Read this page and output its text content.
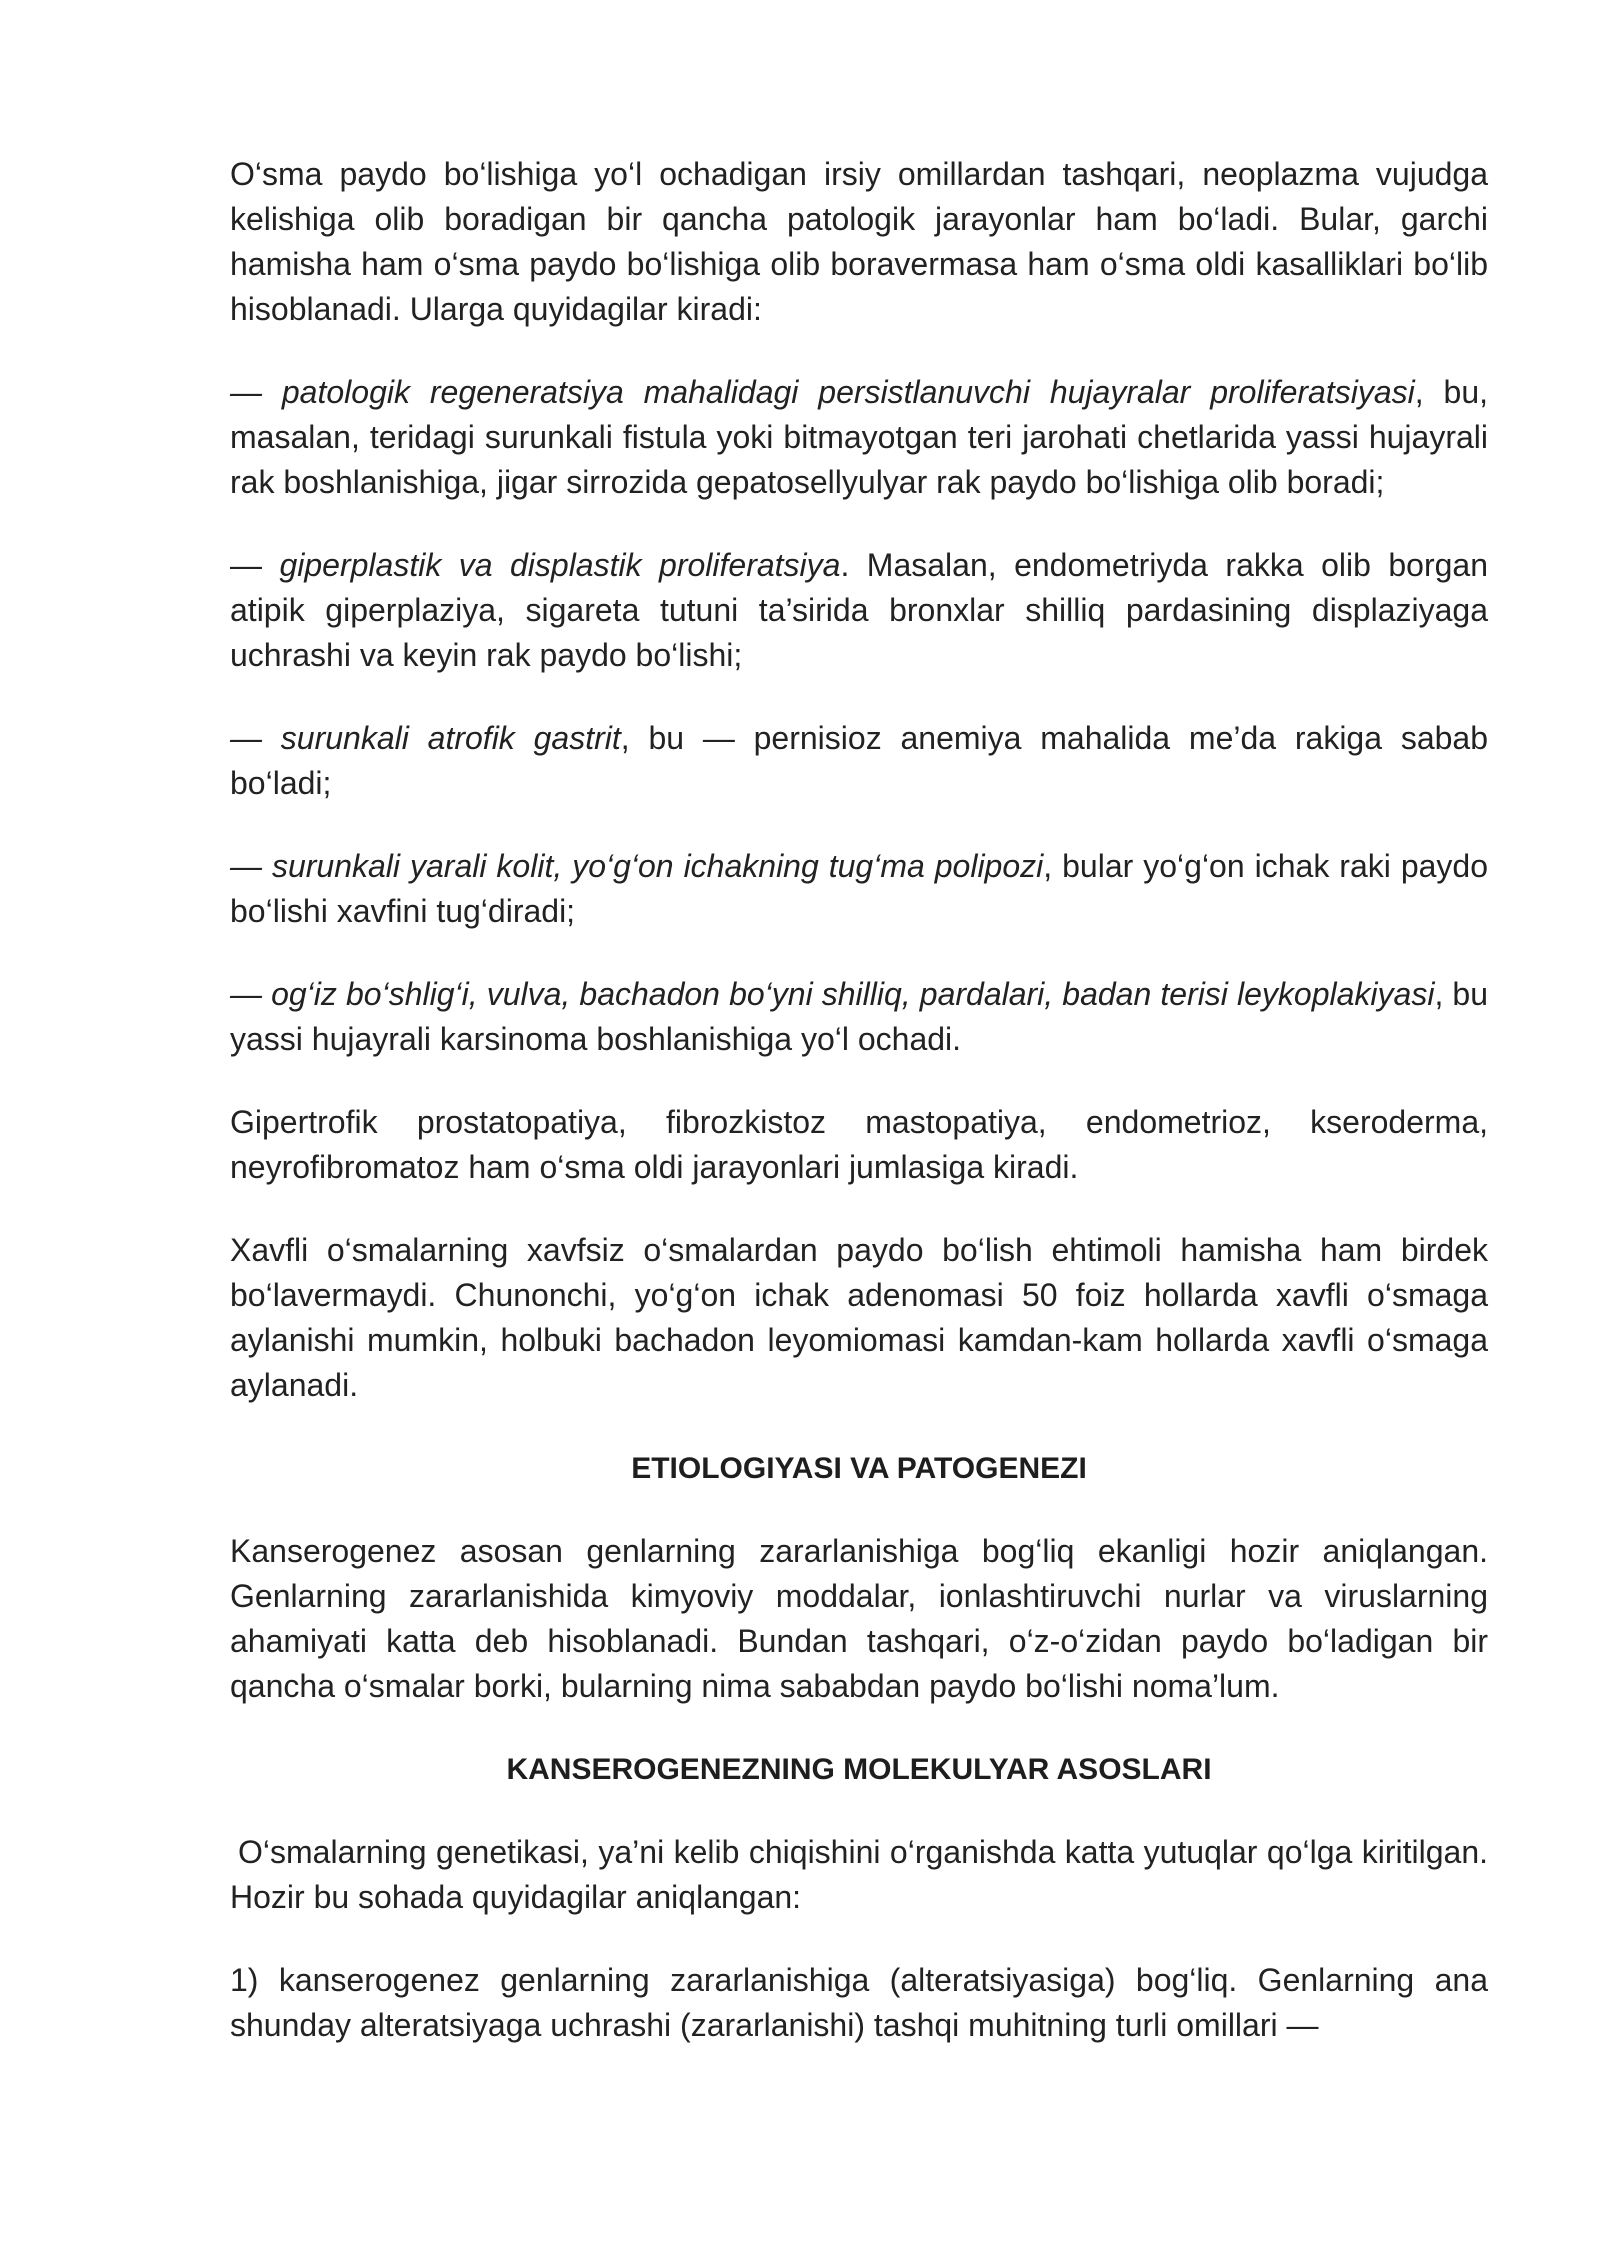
O‘sma paydo bo‘lishiga yo‘l ochadigan irsiy omillardan tashqari, neoplazma vujudga kelishiga olib boradigan bir qancha patologik jarayonlar ham bo‘ladi. Bular, garchi hamisha ham o‘sma paydo bo‘lishiga olib boravermasa ham o‘sma oldi kasalliklari bo‘lib hisoblanadi. Ularga quyidagilar kiradi:

— patologik regeneratsiya mahalidagi persistlanuvchi hujayralar proliferatsiyasi, bu, masalan, teridagi surunkali fistula yoki bitmayotgan teri jarohati chetlarida yassi hujayrali rak boshlanishiga, jigar sirrozida gepatosellyulyar rak paydo bo‘lishiga olib boradi;

— giperplastik va displastik proliferatsiya. Masalan, endometriyda rakka olib borgan atipik giperplaziya, sigareta tutuni ta’sirida bronxlar shilliq pardasining displaziyaga uchrashi va keyin rak paydo bo‘lishi;

— surunkali atrofik gastrit, bu — pernisioz anemiya mahalida me’da rakiga sabab bo‘ladi;

— surunkali yarali kolit, yo‘g‘on ichakning tug‘ma polipozi, bular yo‘g‘on ichak raki paydo bo‘lishi xavfini tug‘diradi;

— og‘iz bo‘shlig‘i, vulva, bachadon bo‘yni shilliq, pardalari, badan terisi leykoplakiyasi, bu yassi hujayrali karsinoma boshlanishiga yo‘l ochadi.

Gipertrofik prostatopatiya, fibrozkistoz mastopatiya, endometrioz, kseroderma, neyrofibromatoz ham o‘sma oldi jarayonlari jumlasiga kiradi.

Xavfli o‘smalarning xavfsiz o‘smalardan paydo bo‘lish ehtimoli hamisha ham birdek bo‘lavermaydi. Chunonchi, yo‘g‘on ichak adenomasi 50 foiz hollarda xavfli o‘smaga aylanishi mumkin, holbuki bachadon leyomiomasi kamdan-kam hollarda xavfli o‘smaga aylanadi.

ETIOLOGIYASI VA PATOGENEZI

Kanserogenez asosan genlarning zararlanishiga bog‘liq ekanligi hozir aniqlangan. Genlarning zararlanishida kimyoviy moddalar, ionlashtiruvchi nurlar va viruslarning ahamiyati katta deb hisoblanadi. Bundan tashqari, o‘z-o‘zidan paydo bo‘ladigan bir qancha o‘smalar borki, bularning nima sababdan paydo bo‘lishi noma’lum.

KANSEROGENEZNING MOLEKULYAR ASOSLARI

O‘smalarning genetikasi, ya’ni kelib chiqishini o‘rganishda katta yutuqlar qo‘lga kiritilgan. Hozir bu sohada quyidagilar aniqlangan:

1) kanserogenez genlarning zararlanishiga (alteratsiyasiga) bog‘liq. Genlarning ana shunday alteratsiyaga uchrashi (zararlanishi) tashqi muhitning turli omillari —
